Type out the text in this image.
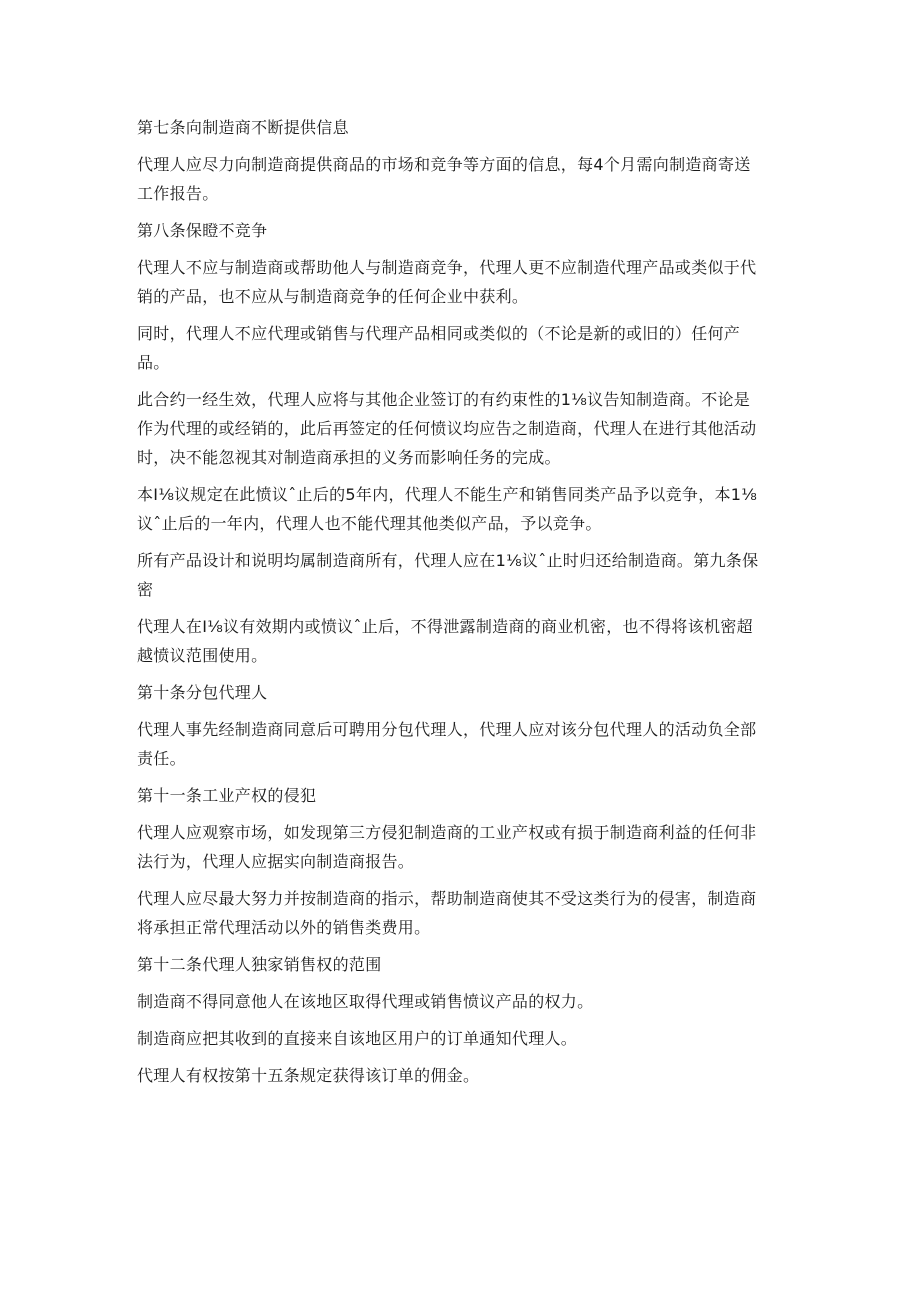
第七条向制造商不断提供信息

代理人应尽力向制造商提供商品的市场和竞争等方面的信息，每4个月需向制造商寄送
工作报告。

第八条保瞪不竞争

代理人不应与制造商或帮助他人与制造商竞争，代理人更不应制造代理产品或类似于代
销的产品，也不应从与制造商竞争的任何企业中获利。

同时，代理人不应代理或销售与代理产品相同或类似的（不论是新的或旧的）任何产
品。

此合约一经生效，代理人应将与其他企业签订的有约束性的1⅛议告知制造商。不论是
作为代理的或经销的，此后再签定的任何愤议均应告之制造商，代理人在进行其他活动
时，决不能忽视其对制造商承担的义务而影响任务的完成。

本I⅛议规定在此愤议ˆ止后的5年内，代理人不能生产和销售同类产品予以竞争，本1⅛
议ˆ止后的一年内，代理人也不能代理其他类似产品，予以竞争。

所有产品设计和说明均属制造商所有，代理人应在1⅛议ˆ止时归还给制造商。第九条保
密

代理人在I⅛议有效期内或愤议ˆ止后，不得泄露制造商的商业机密，也不得将该机密超
越愤议范围使用。

第十条分包代理人

代理人事先经制造商同意后可聘用分包代理人，代理人应对该分包代理人的活动负全部
责任。

第十一条工业产权的侵犯

代理人应观察市场，如发现第三方侵犯制造商的工业产权或有损于制造商利益的任何非
法行为，代理人应据实向制造商报告。

代理人应尽最大努力并按制造商的指示，帮助制造商使其不受这类行为的侵害，制造商
将承担正常代理活动以外的销售类费用。

第十二条代理人独家销售权的范围

制造商不得同意他人在该地区取得代理或销售愤议产品的权力。

制造商应把其收到的直接来自该地区用户的订单通知代理人。

代理人有权按第十五条规定获得该订单的佣金。
